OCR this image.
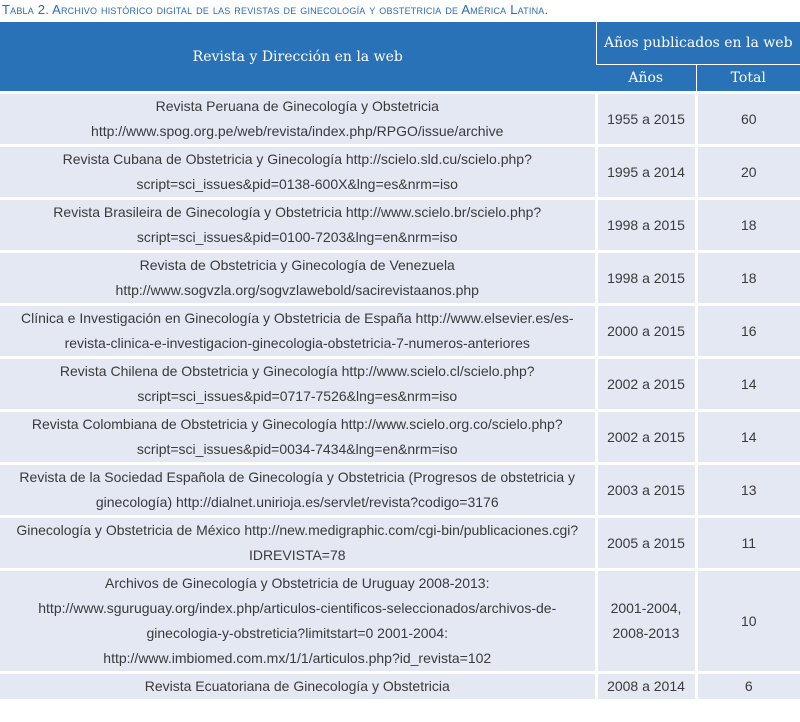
Tabla 2. Archivo histórico digital de las revistas de ginecología y obstetricia de América Latina.
Revista y Dirección en la web	Años publicados en la web	
	Años	Total
Revista Peruana de Ginecología y Obstetricia http://www.spog.org.pe/web/revista/index.php/RPGO/issue/archive	1955 a 2015	60
Revista Cubana de Obstetricia y Ginecología http://scielo.sld.cu/scielo.php?script=sci_issues&pid=0138-600X&lng=es&nrm=iso	1995 a 2014	20
Revista Brasileira de Ginecología y Obstetricia http://www.scielo.br/scielo.php?script=sci_issues&pid=0100-7203&lng=en&nrm=iso	1998 a 2015	18
Revista de Obstetricia y Ginecología de Venezuela http://www.sogvzla.org/sogvzlawebold/sacirevistaanos.php	1998 a 2015	18
Clínica e Investigación en Ginecología y Obstetricia de España http://www.elsevier.es/es-revista-clinica-e-investigacion-ginecologia-obstetricia-7-numeros-anteriores	2000 a 2015	16
Revista Chilena de Obstetricia y Ginecología http://www.scielo.cl/scielo.php?script=sci_issues&pid=0717-7526&lng=es&nrm=iso	2002 a 2015	14
Revista Colombiana de Obstetricia y Ginecología http://www.scielo.org.co/scielo.php?script=sci_issues&pid=0034-7434&lng=en&nrm=iso	2002 a 2015	14
Revista de la Sociedad Española de Ginecología y Obstetricia (Progresos de obstetricia y ginecología) http://dialnet.unirioja.es/servlet/revista?codigo=3176	2003 a 2015	13
Ginecología y Obstetricia de México http://new.medigraphic.com/cgi-bin/publicaciones.cgi?IDREVISTA=78	2005 a 2015	11
Archivos de Ginecología y Obstetricia de Uruguay 2008-2013: http://www.sguruguay.org/index.php/articulos-cientificos-seleccionados/archivos-de-ginecologia-y-obstreticia?limitstart=0 2001-2004: http://www.imbiomed.com.mx/1/1/articulos.php?id_revista=102	2001-2004, 2008-2013	10
Revista Ecuatoriana de Ginecología y Obstetricia	2008 a 2014	6
